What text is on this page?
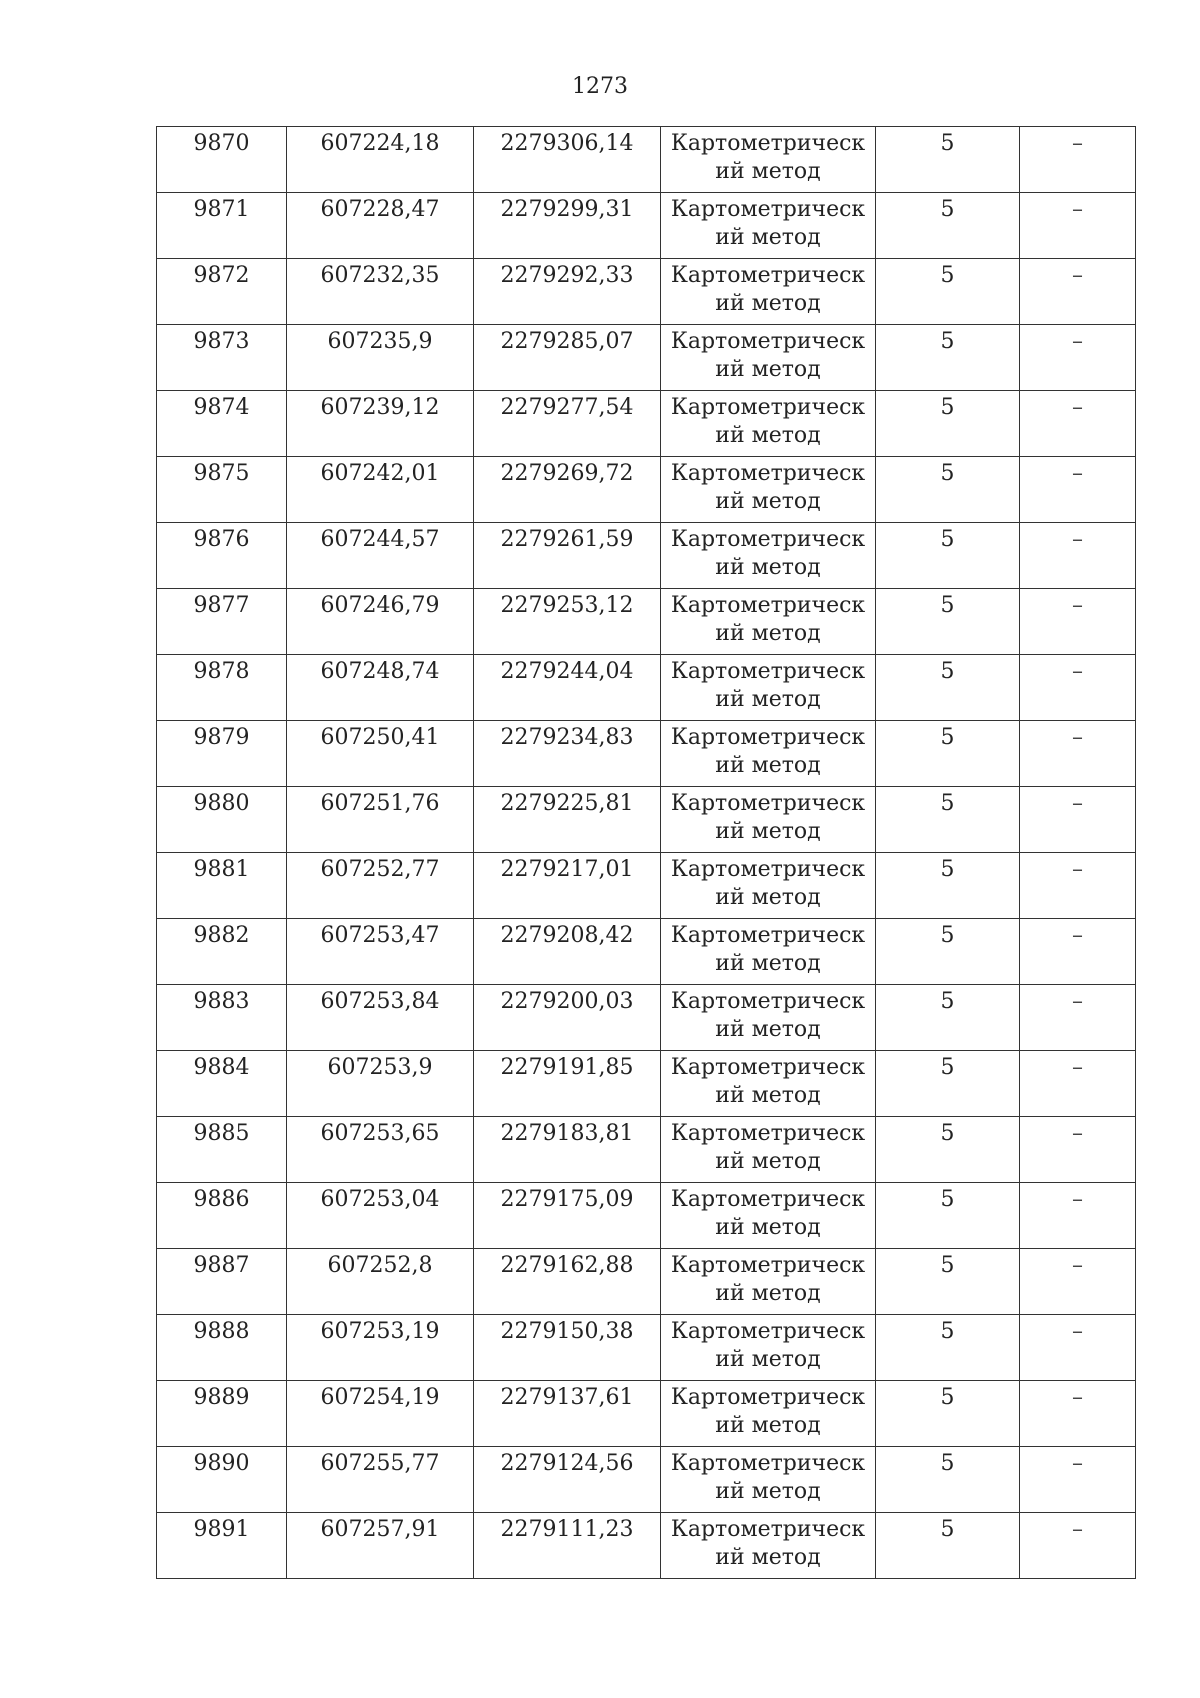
1273
9870	607224,18	2279306,14	Картометрический метод	5	–
9871	607228,47	2279299,31	Картометрический метод	5	–
9872	607232,35	2279292,33	Картометрический метод	5	–
9873	607235,9	2279285,07	Картометрический метод	5	–
9874	607239,12	2279277,54	Картометрический метод	5	–
9875	607242,01	2279269,72	Картометрический метод	5	–
9876	607244,57	2279261,59	Картометрический метод	5	–
9877	607246,79	2279253,12	Картометрический метод	5	–
9878	607248,74	2279244,04	Картометрический метод	5	–
9879	607250,41	2279234,83	Картометрический метод	5	–
9880	607251,76	2279225,81	Картометрический метод	5	–
9881	607252,77	2279217,01	Картометрический метод	5	–
9882	607253,47	2279208,42	Картометрический метод	5	–
9883	607253,84	2279200,03	Картометрический метод	5	–
9884	607253,9	2279191,85	Картометрический метод	5	–
9885	607253,65	2279183,81	Картометрический метод	5	–
9886	607253,04	2279175,09	Картометрический метод	5	–
9887	607252,8	2279162,88	Картометрический метод	5	–
9888	607253,19	2279150,38	Картометрический метод	5	–
9889	607254,19	2279137,61	Картометрический метод	5	–
9890	607255,77	2279124,56	Картометрический метод	5	–
9891	607257,91	2279111,23	Картометрический метод	5	–
